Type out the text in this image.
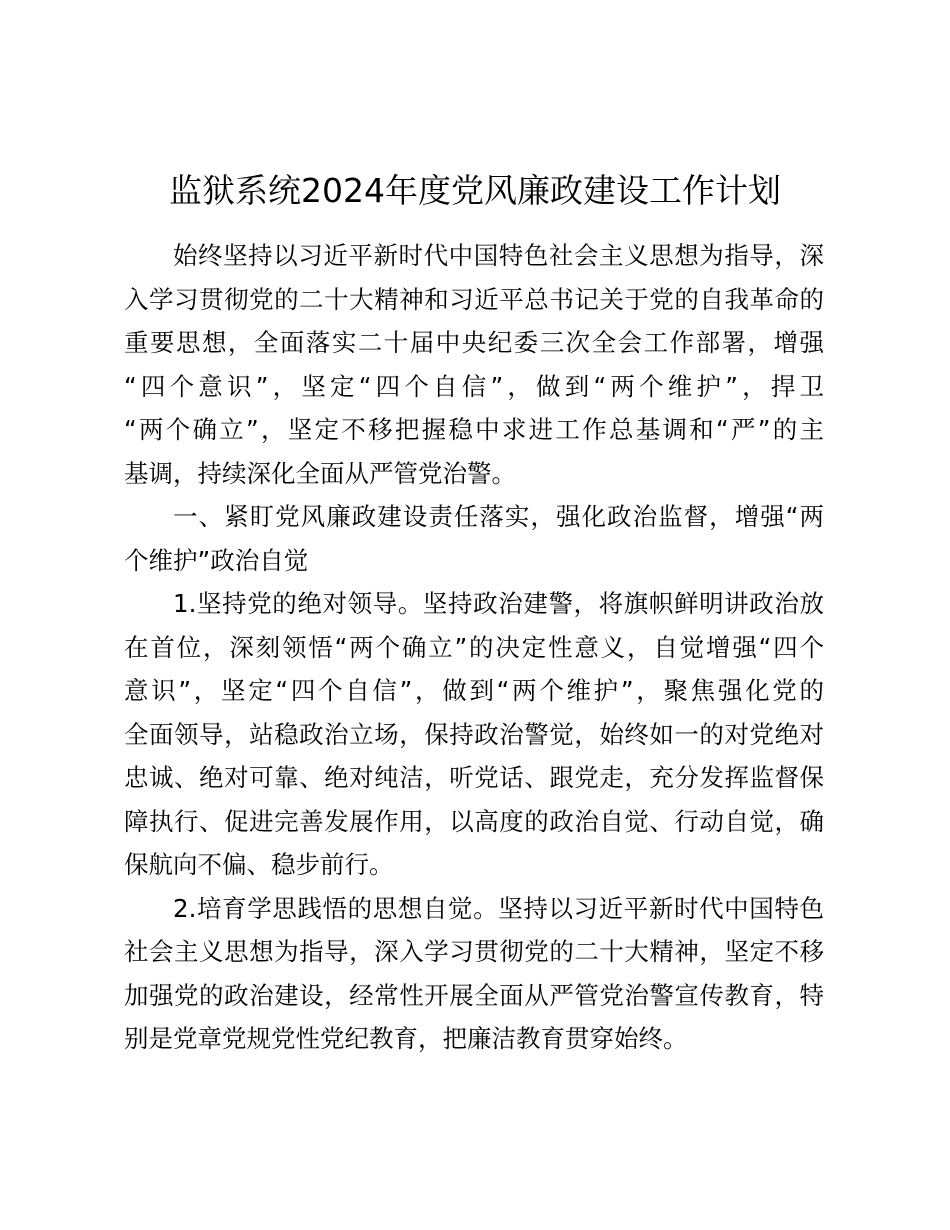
监狱系统2024年度党风廉政建设工作计划
始终坚持以习近平新时代中国特色社会主义思想为指导，深
入学习贯彻党的二十大精神和习近平总书记关于党的自我革命的
重要思想，全面落实二十届中央纪委三次全会工作部署，增强
“四个意识”，坚定“四个自信”，做到“两个维护”，捍卫
“两个确立”，坚定不移把握稳中求进工作总基调和“严”的主
基调，持续深化全面从严管党治警。
一、紧盯党风廉政建设责任落实，强化政治监督，增强“两
个维护”政治自觉
1.坚持党的绝对领导。坚持政治建警，将旗帜鲜明讲政治放
在首位，深刻领悟“两个确立”的决定性意义，自觉增强“四个
意识”，坚定“四个自信”，做到“两个维护”，聚焦强化党的
全面领导，站稳政治立场，保持政治警觉，始终如一的对党绝对
忠诚、绝对可靠、绝对纯洁，听党话、跟党走，充分发挥监督保
障执行、促进完善发展作用，以高度的政治自觉、行动自觉，确
保航向不偏、稳步前行。
2.培育学思践悟的思想自觉。坚持以习近平新时代中国特色
社会主义思想为指导，深入学习贯彻党的二十大精神，坚定不移
加强党的政治建设，经常性开展全面从严管党治警宣传教育，特
别是党章党规党性党纪教育，把廉洁教育贯穿始终。
